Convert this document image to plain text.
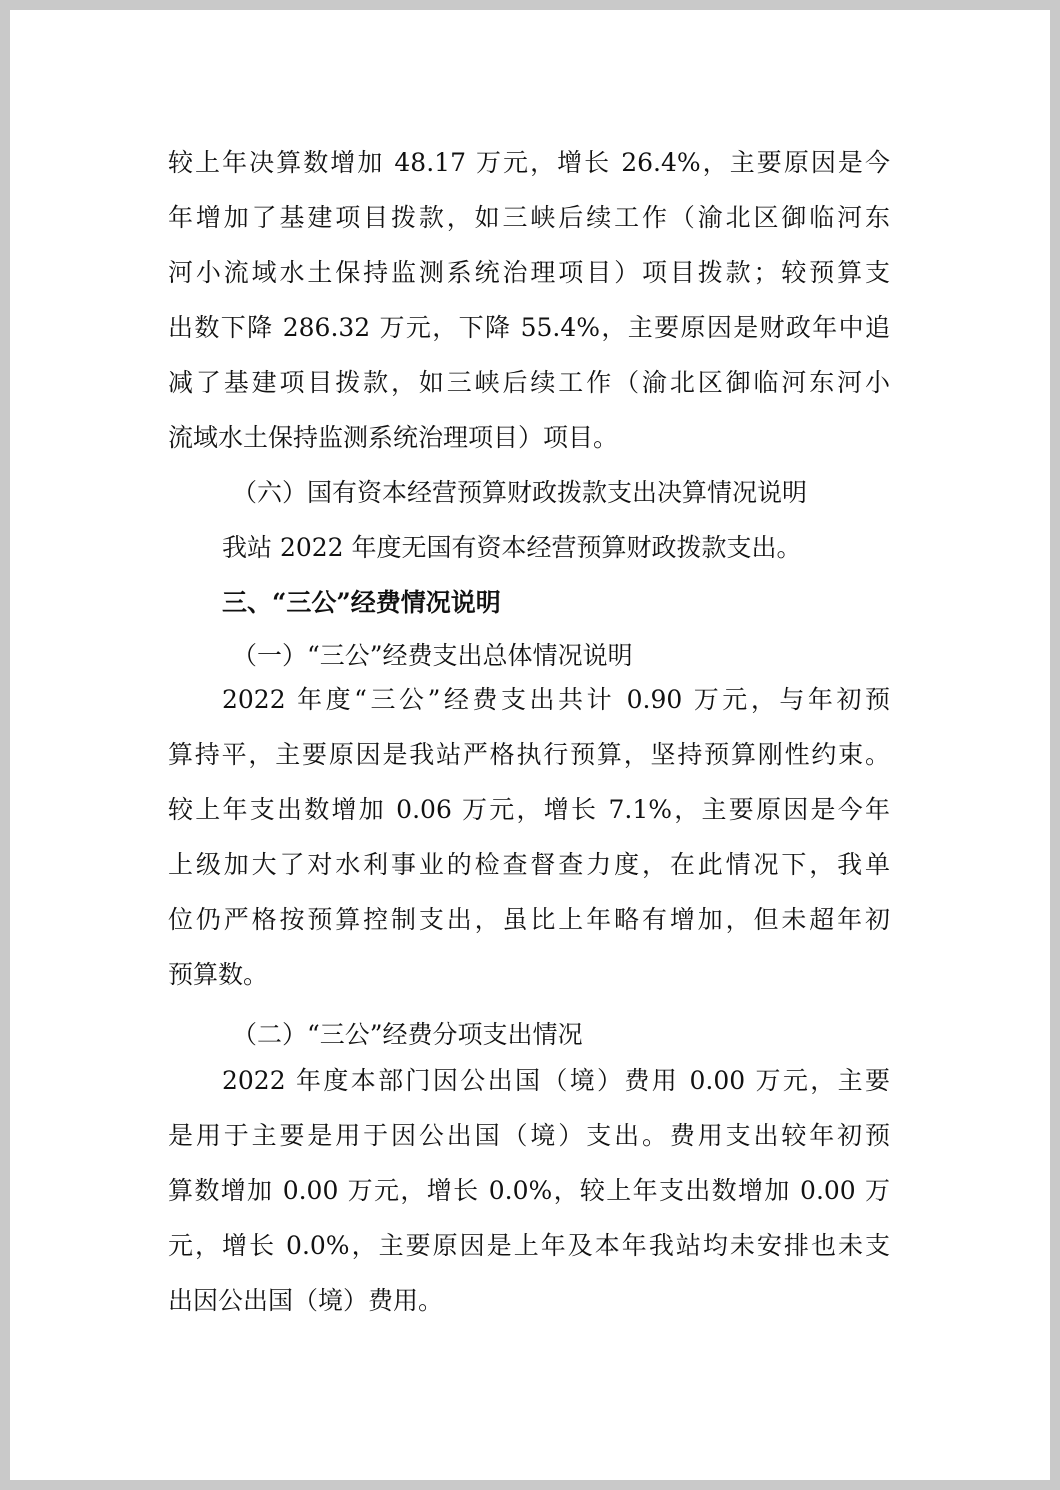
较上年决算数增加 48.17 万元，增长 26.4%，主要原因是今
年增加了基建项目拨款，如三峡后续工作（渝北区御临河东
河小流域水土保持监测系统治理项目）项目拨款；较预算支
出数下降 286.32 万元，下降 55.4%，主要原因是财政年中追
减了基建项目拨款，如三峡后续工作（渝北区御临河东河小
流域水土保持监测系统治理项目）项目。
（六）国有资本经营预算财政拨款支出决算情况说明
我站 2022 年度无国有资本经营预算财政拨款支出。
三、“三公”经费情况说明
（一）“三公”经费支出总体情况说明
2022 年度“三公”经费支出共计 0.90 万元，与年初预
算持平，主要原因是我站严格执行预算，坚持预算刚性约束。
较上年支出数增加 0.06 万元，增长 7.1%，主要原因是今年
上级加大了对水利事业的检查督查力度，在此情况下，我单
位仍严格按预算控制支出，虽比上年略有增加，但未超年初
预算数。
（二）“三公”经费分项支出情况
2022 年度本部门因公出国（境）费用 0.00 万元，主要
是用于主要是用于因公出国（境）支出。费用支出较年初预
算数增加 0.00 万元，增长 0.0%，较上年支出数增加 0.00 万
元，增长 0.0%，主要原因是上年及本年我站均未安排也未支
出因公出国（境）费用。
